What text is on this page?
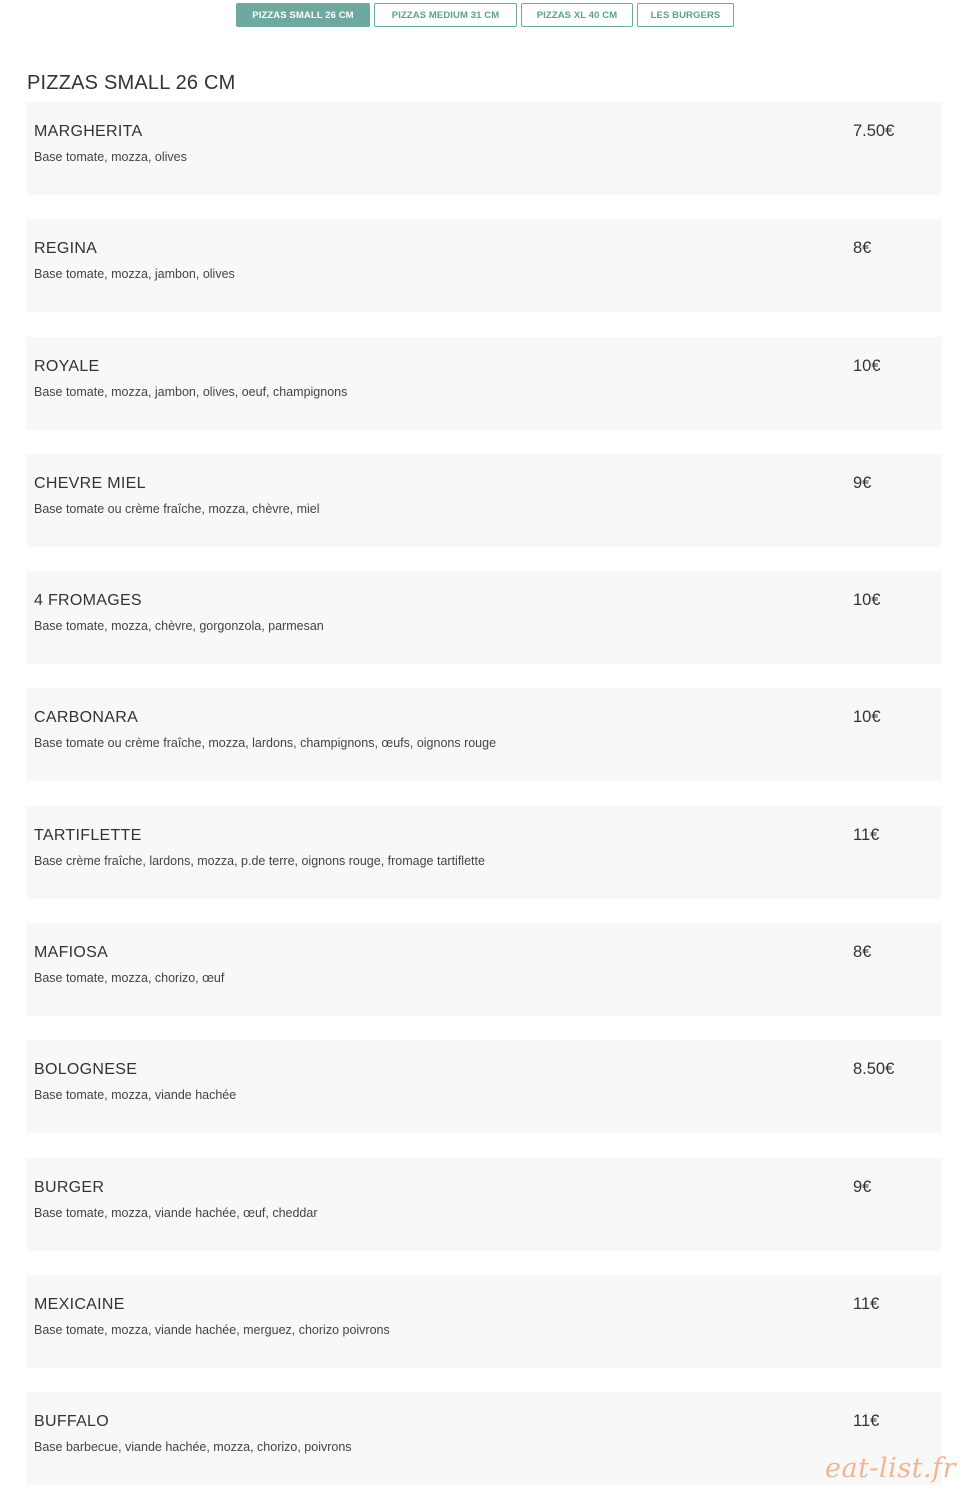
PIZZAS SMALL 26 CM	PIZZAS MEDIUM 31 CM	PIZZAS XL 40 CM	LES BURGERS
PIZZAS SMALL 26 CM
MARGHERITA
Base tomate, mozza, olives
7.50€
REGINA
Base tomate, mozza, jambon, olives
8€
ROYALE
Base tomate, mozza, jambon, olives, oeuf, champignons
10€
CHEVRE MIEL
Base tomate ou crème fraîche, mozza, chèvre, miel
9€
4 FROMAGES
Base tomate, mozza, chèvre, gorgonzola, parmesan
10€
CARBONARA
Base tomate ou crème fraîche, mozza, lardons, champignons, œufs, oignons rouge
10€
TARTIFLETTE
Base crème fraîche, lardons, mozza, p.de terre, oignons rouge, fromage tartiflette
11€
MAFIOSA
Base tomate, mozza, chorizo, œuf
8€
BOLOGNESE
Base tomate, mozza, viande hachée
8.50€
BURGER
Base tomate, mozza, viande hachée, œuf, cheddar
9€
MEXICAINE
Base tomate, mozza, viande hachée, merguez, chorizo poivrons
11€
BUFFALO
Base barbecue, viande hachée, mozza, chorizo, poivrons
11€
eat-list.fr
